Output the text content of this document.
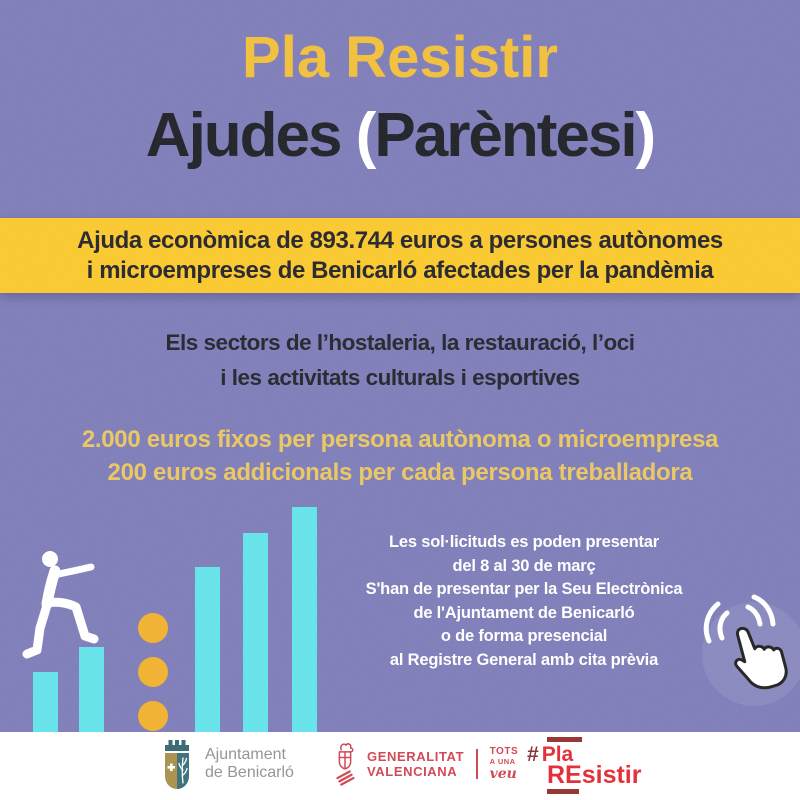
Pla Resistir
Ajudes (Parèntesi)
Ajuda econòmica de 893.744 euros a persones autònomes
i microempreses de Benicarló afectades per la pandèmia
Els sectors de l’hostaleria, la restauració, l’oci
i les activitats culturals i esportives
2.000 euros fixos per persona autònoma o microempresa
200 euros addicionals per cada persona treballadora
Les sol·licituds es poden presentar
del 8 al 30 de març
S'han de presentar per la Seu Electrònica
de l'Ajuntament de Benicarló
o de forma presencial
al Registre General amb cita prèvia
Ajuntament
de Benicarló
GENERALITAT
VALENCIANA
TOTS
A UNA
veu
# Pla
REsistir
